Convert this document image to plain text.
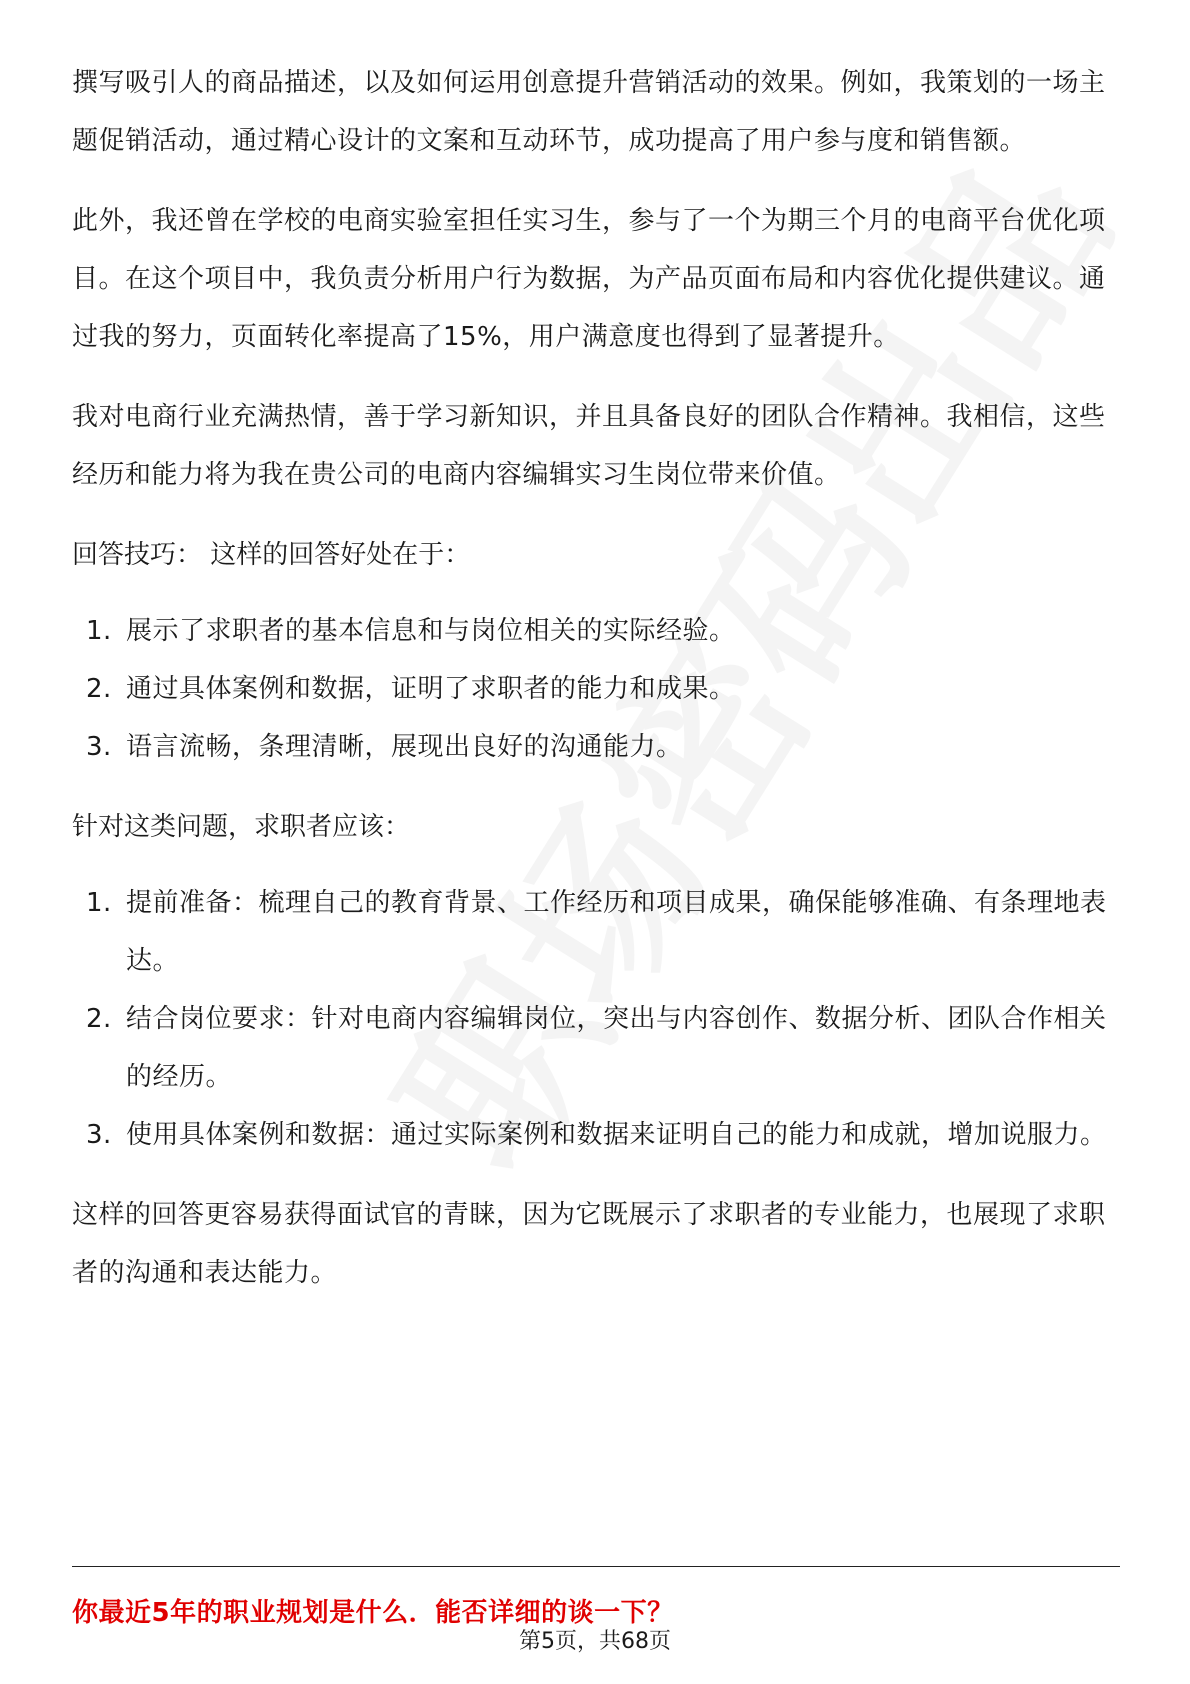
撰写吸引人的商品描述，以及如何运用创意提升营销活动的效果。例如，我策划的一场主题促销活动，通过精心设计的文案和互动环节，成功提高了用户参与度和销售额。

此外，我还曾在学校的电商实验室担任实习生，参与了一个为期三个月的电商平台优化项目。在这个项目中，我负责分析用户行为数据，为产品页面布局和内容优化提供建议。通过我的努力，页面转化率提高了15%，用户满意度也得到了显著提升。

我对电商行业充满热情，善于学习新知识，并且具备良好的团队合作精神。我相信，这些经历和能力将为我在贵公司的电商内容编辑实习生岗位带来价值。

回答技巧： 这样的回答好处在于：

1. 展示了求职者的基本信息和与岗位相关的实际经验。
2. 通过具体案例和数据，证明了求职者的能力和成果。
3. 语言流畅，条理清晰，展现出良好的沟通能力。

针对这类问题，求职者应该：

1. 提前准备：梳理自己的教育背景、工作经历和项目成果，确保能够准确、有条理地表达。
2. 结合岗位要求：针对电商内容编辑岗位，突出与内容创作、数据分析、团队合作相关的经历。
3. 使用具体案例和数据：通过实际案例和数据来证明自己的能力和成就，增加说服力。

这样的回答更容易获得面试官的青睐，因为它既展示了求职者的专业能力，也展现了求职者的沟通和表达能力。

你最近5年的职业规划是什么．能否详细的谈一下？
第5页，共68页
